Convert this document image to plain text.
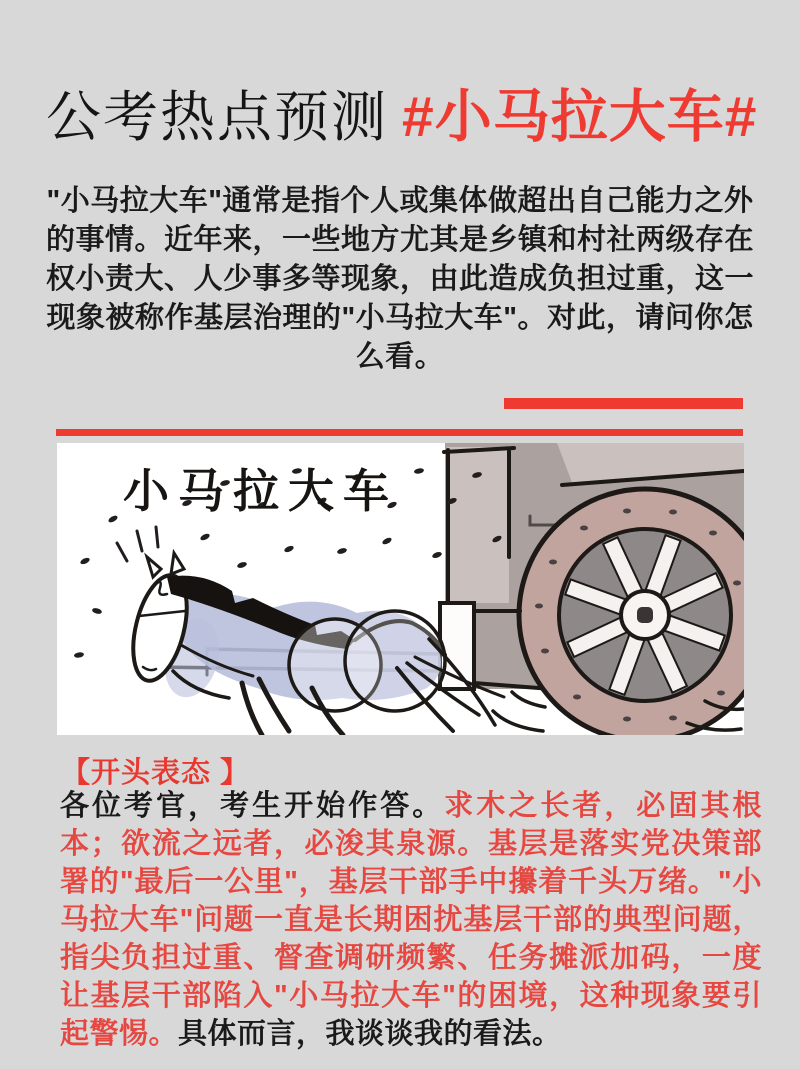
公考热点预测 #小马拉大车#

"小马拉大车"通常是指个人或集体做超出自己能力之外的事情。近年来，一些地方尤其是乡镇和村社两级存在权小责大、人少事多等现象，由此造成负担过重，这一现象被称作基层治理的"小马拉大车"。对此，请问你怎么看。

小马拉大车
【开头表态 】

各位考官，考生开始作答。求木之长者，必固其根本；欲流之远者，必浚其泉源。基层是落实党决策部署的"最后一公里"，基层干部手中攥着千头万绪。"小马拉大车"问题一直是长期困扰基层干部的典型问题，指尖负担过重、督查调研频繁、任务摊派加码，一度让基层干部陷入"小马拉大车"的困境，这种现象要引起警惕。具体而言，我谈谈我的看法。
